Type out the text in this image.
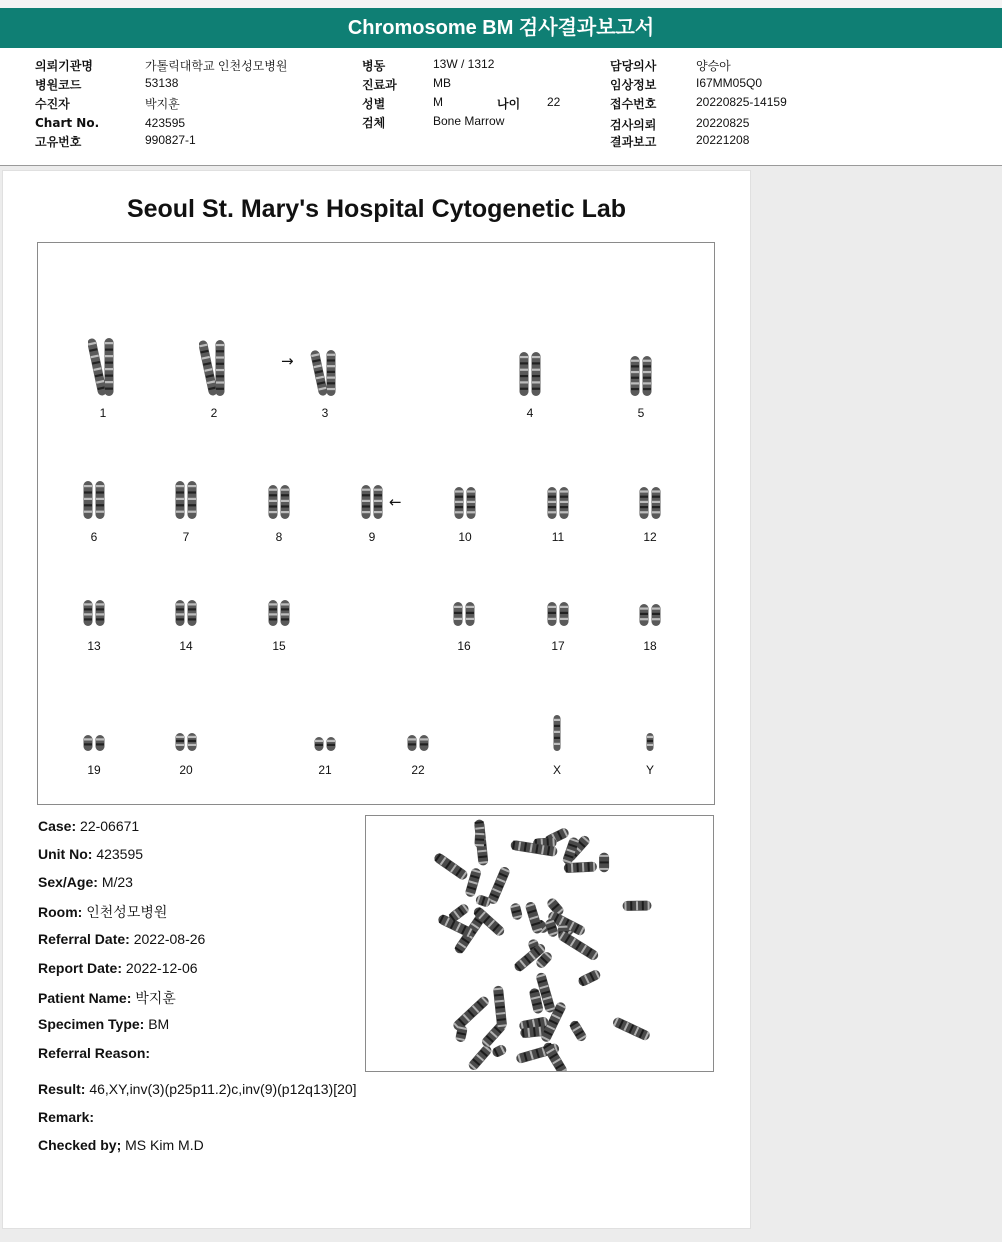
Chromosome BM 검사결과보고서
의뢰기관명	가톨릭대학교 인천성모병원
병원코드	53138
수진자	박지훈
Chart No.	423595
고유번호	990827-1
병동	13W / 1312
진료과	MB
성별	M	나이 22
검체	Bone Marrow
담당의사	양승아
임상정보	I67MM05Q0
접수번호	20220825-14159
검사의뢰	20220825
결과보고	20221208
Seoul St. Mary's Hospital Cytogenetic Lab
→
←
1	2	3	4	5
6	7	8	9	10	11	12
13	14	15	16	17	18
19	20	21	22	X	Y
Case: 22-06671
Unit No: 423595
Sex/Age: M/23
Room: 인천성모병원
Referral Date: 2022-08-26
Report Date: 2022-12-06
Patient Name: 박지훈
Specimen Type: BM
Referral Reason:
Result: 46,XY,inv(3)(p25p11.2)c,inv(9)(p12q13)[20]
Remark:
Checked by; MS Kim M.D
